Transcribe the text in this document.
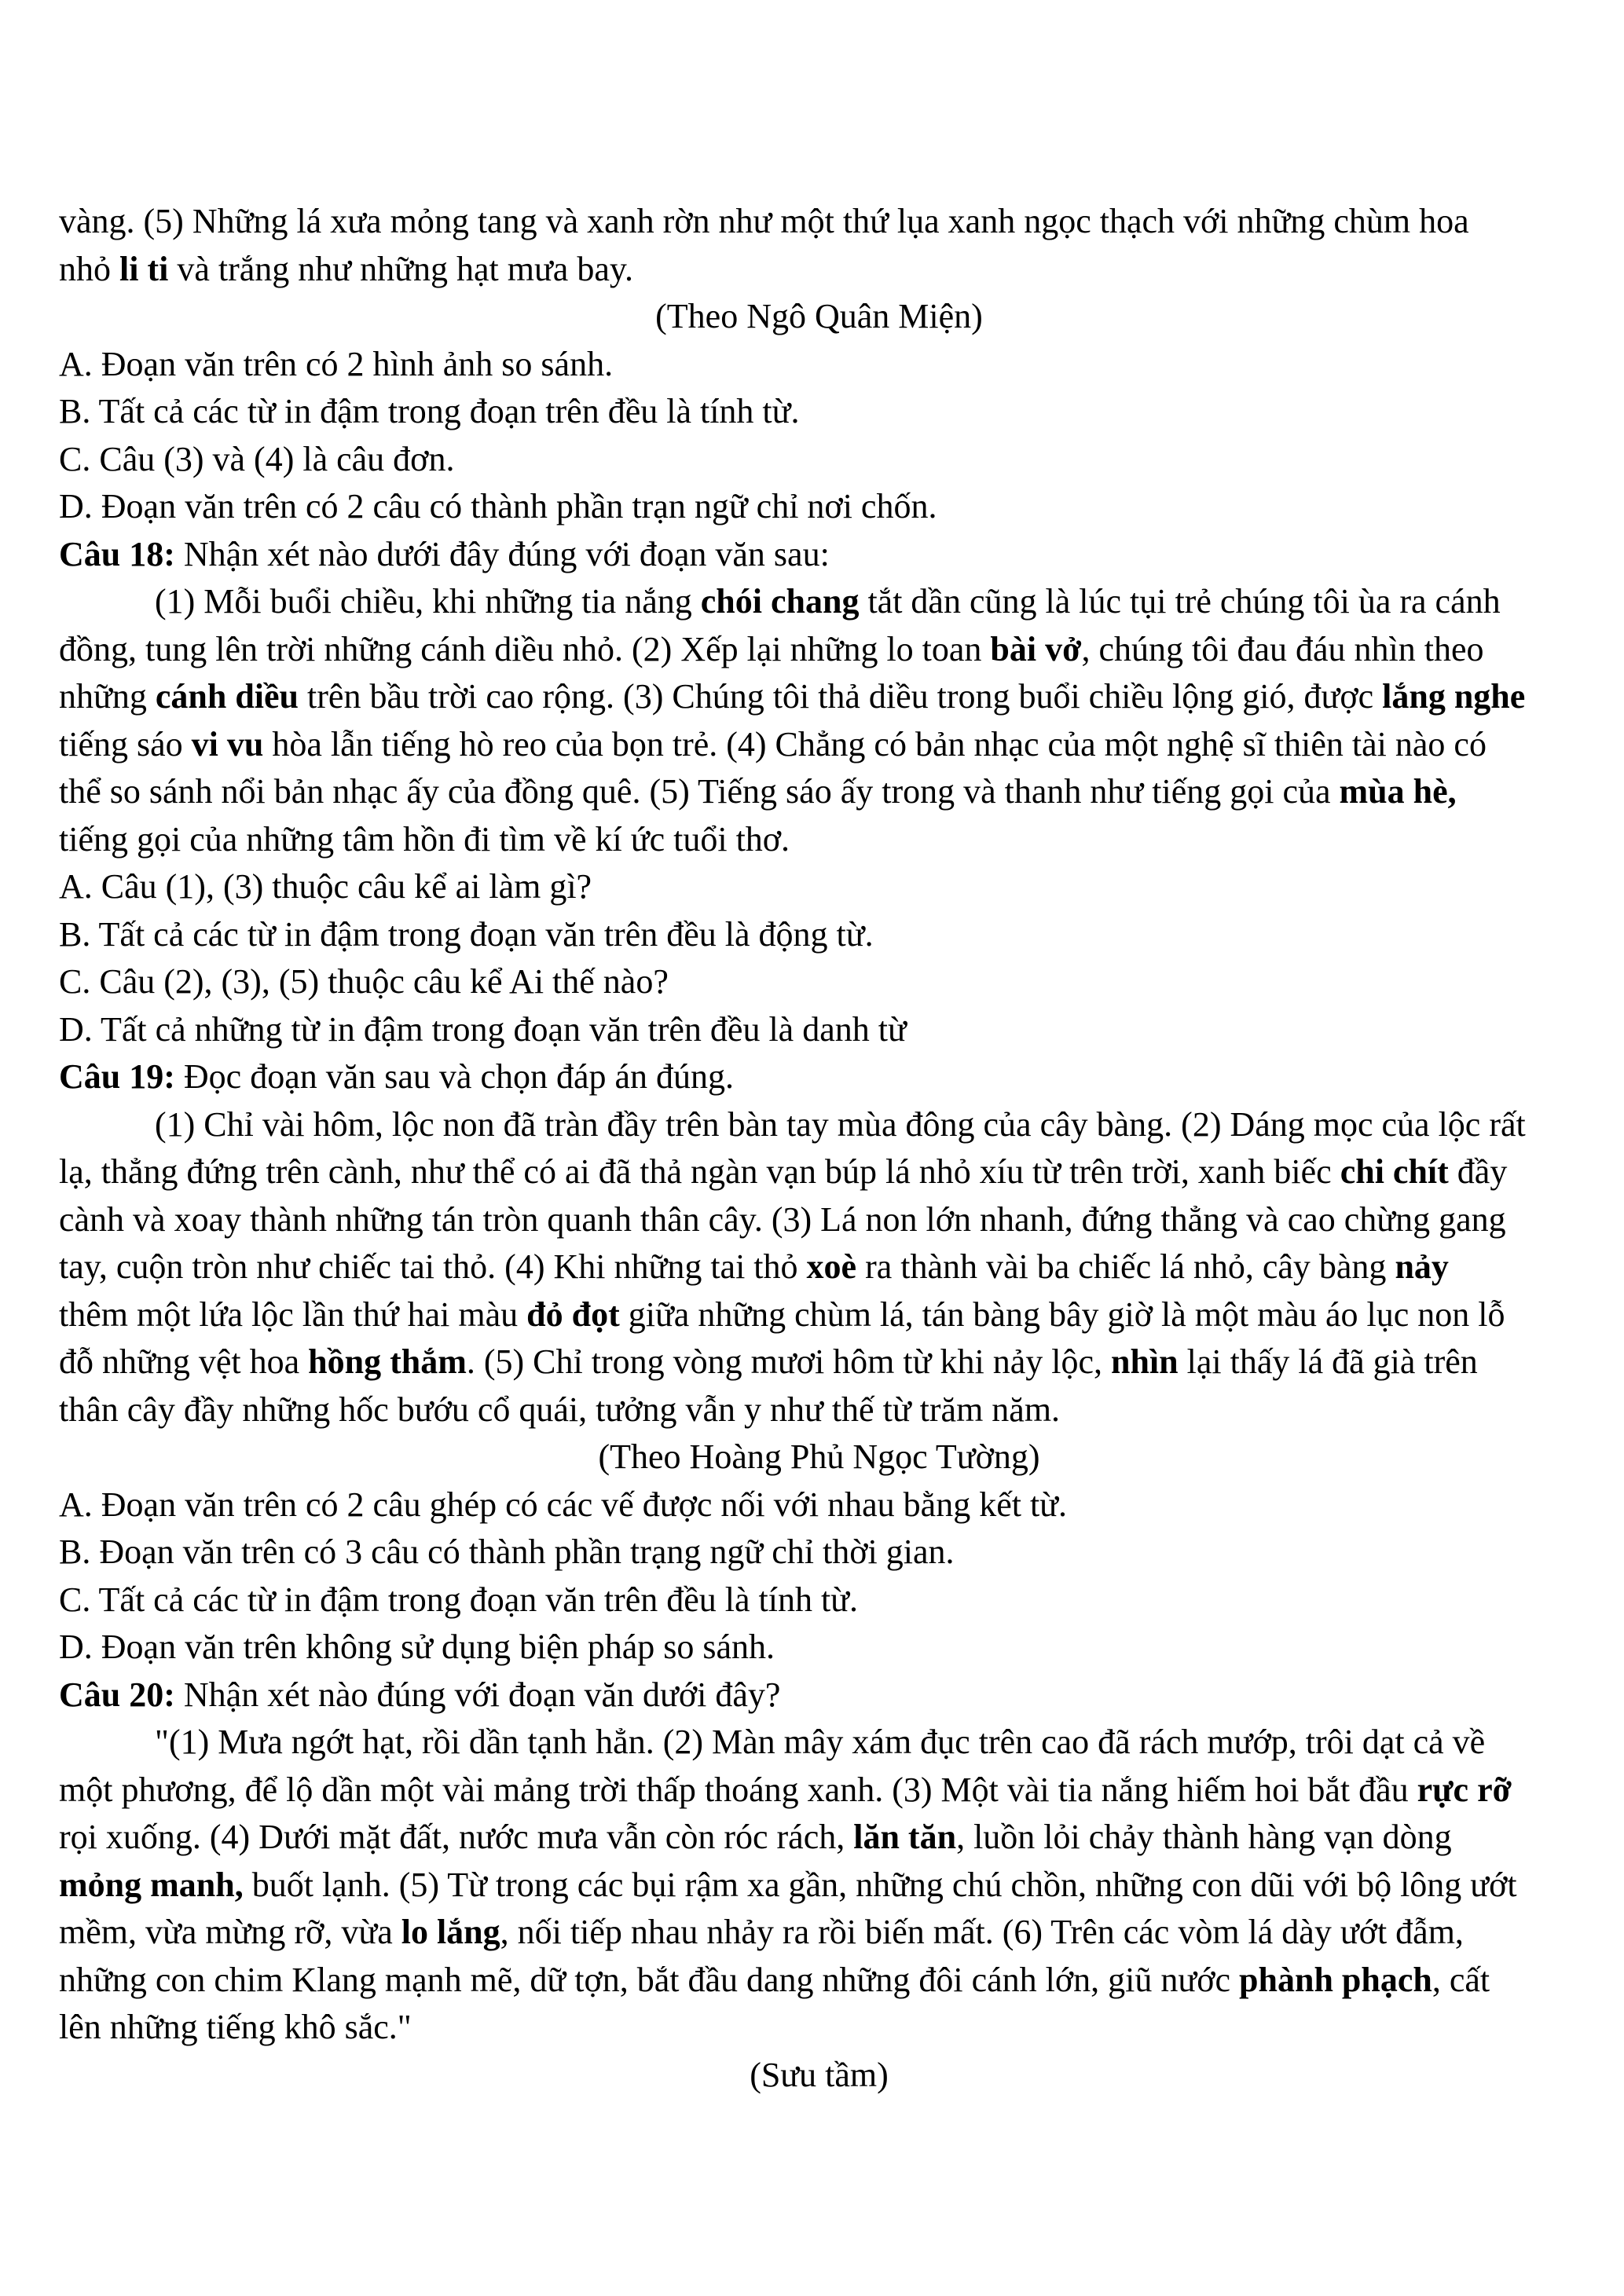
vàng. (5) Những lá xưa mỏng tang và xanh rờn như một thứ lụa xanh ngọc thạch với những chùm hoa
nhỏ li ti và trắng như những hạt mưa bay.
(Theo Ngô Quân Miện)
A. Đoạn văn trên có 2 hình ảnh so sánh.
B. Tất cả các từ in đậm trong đoạn trên đều là tính từ.
C. Câu (3) và (4) là câu đơn.
D. Đoạn văn trên có 2 câu có thành phần trạn ngữ chỉ nơi chốn.
Câu 18: Nhận xét nào dưới đây đúng với đoạn văn sau:
(1) Mỗi buổi chiều, khi những tia nắng chói chang tắt dần cũng là lúc tụi trẻ chúng tôi ùa ra cánh
đồng, tung lên trời những cánh diều nhỏ. (2) Xếp lại những lo toan bài vở, chúng tôi đau đáu nhìn theo
những cánh diều trên bầu trời cao rộng. (3) Chúng tôi thả diều trong buổi chiều lộng gió, được lắng nghe
tiếng sáo vi vu hòa lẫn tiếng hò reo của bọn trẻ. (4) Chẳng có bản nhạc của một nghệ sĩ thiên tài nào có
thể so sánh nổi bản nhạc ấy của đồng quê. (5) Tiếng sáo ấy trong và thanh như tiếng gọi của mùa hè,
tiếng gọi của những tâm hồn đi tìm về kí ức tuổi thơ.
A. Câu (1), (3) thuộc câu kể ai làm gì?
B. Tất cả các từ in đậm trong đoạn văn trên đều là động từ.
C. Câu (2), (3), (5) thuộc câu kể Ai thế nào?
D. Tất cả những từ in đậm trong đoạn văn trên đều là danh từ
Câu 19: Đọc đoạn văn sau và chọn đáp án đúng.
(1) Chỉ vài hôm, lộc non đã tràn đầy trên bàn tay mùa đông của cây bàng. (2) Dáng mọc của lộc rất
lạ, thẳng đứng trên cành, như thể có ai đã thả ngàn vạn búp lá nhỏ xíu từ trên trời, xanh biếc chi chít đầy
cành và xoay thành những tán tròn quanh thân cây. (3) Lá non lớn nhanh, đứng thẳng và cao chừng gang
tay, cuộn tròn như chiếc tai thỏ. (4) Khi những tai thỏ xoè ra thành vài ba chiếc lá nhỏ, cây bàng nảy
thêm một lứa lộc lần thứ hai màu đỏ đọt giữa những chùm lá, tán bàng bây giờ là một màu áo lục non lỗ
đỗ những vệt hoa hồng thắm. (5) Chỉ trong vòng mươi hôm từ khi nảy lộc, nhìn lại thấy lá đã già trên
thân cây đầy những hốc bướu cổ quái, tưởng vẫn y như thế từ trăm năm.
(Theo Hoàng Phủ Ngọc Tường)
A. Đoạn văn trên có 2 câu ghép có các vế được nối với nhau bằng kết từ.
B. Đoạn văn trên có 3 câu có thành phần trạng ngữ chỉ thời gian.
C. Tất cả các từ in đậm trong đoạn văn trên đều là tính từ.
D. Đoạn văn trên không sử dụng biện pháp so sánh.
Câu 20: Nhận xét nào đúng với đoạn văn dưới đây?
"(1) Mưa ngớt hạt, rồi dần tạnh hẳn. (2) Màn mây xám đục trên cao đã rách mướp, trôi dạt cả về
một phương, để lộ dần một vài mảng trời thấp thoáng xanh. (3) Một vài tia nắng hiếm hoi bắt đầu rực rỡ
rọi xuống. (4) Dưới mặt đất, nước mưa vẫn còn róc rách, lăn tăn, luồn lỏi chảy thành hàng vạn dòng
mỏng manh, buốt lạnh. (5) Từ trong các bụi rậm xa gần, những chú chồn, những con dũi với bộ lông ướt
mềm, vừa mừng rỡ, vừa lo lắng, nối tiếp nhau nhảy ra rồi biến mất. (6) Trên các vòm lá dày ướt đẫm,
những con chim Klang mạnh mẽ, dữ tợn, bắt đầu dang những đôi cánh lớn, giũ nước phành phạch, cất
lên những tiếng khô sắc."
(Sưu tầm)
